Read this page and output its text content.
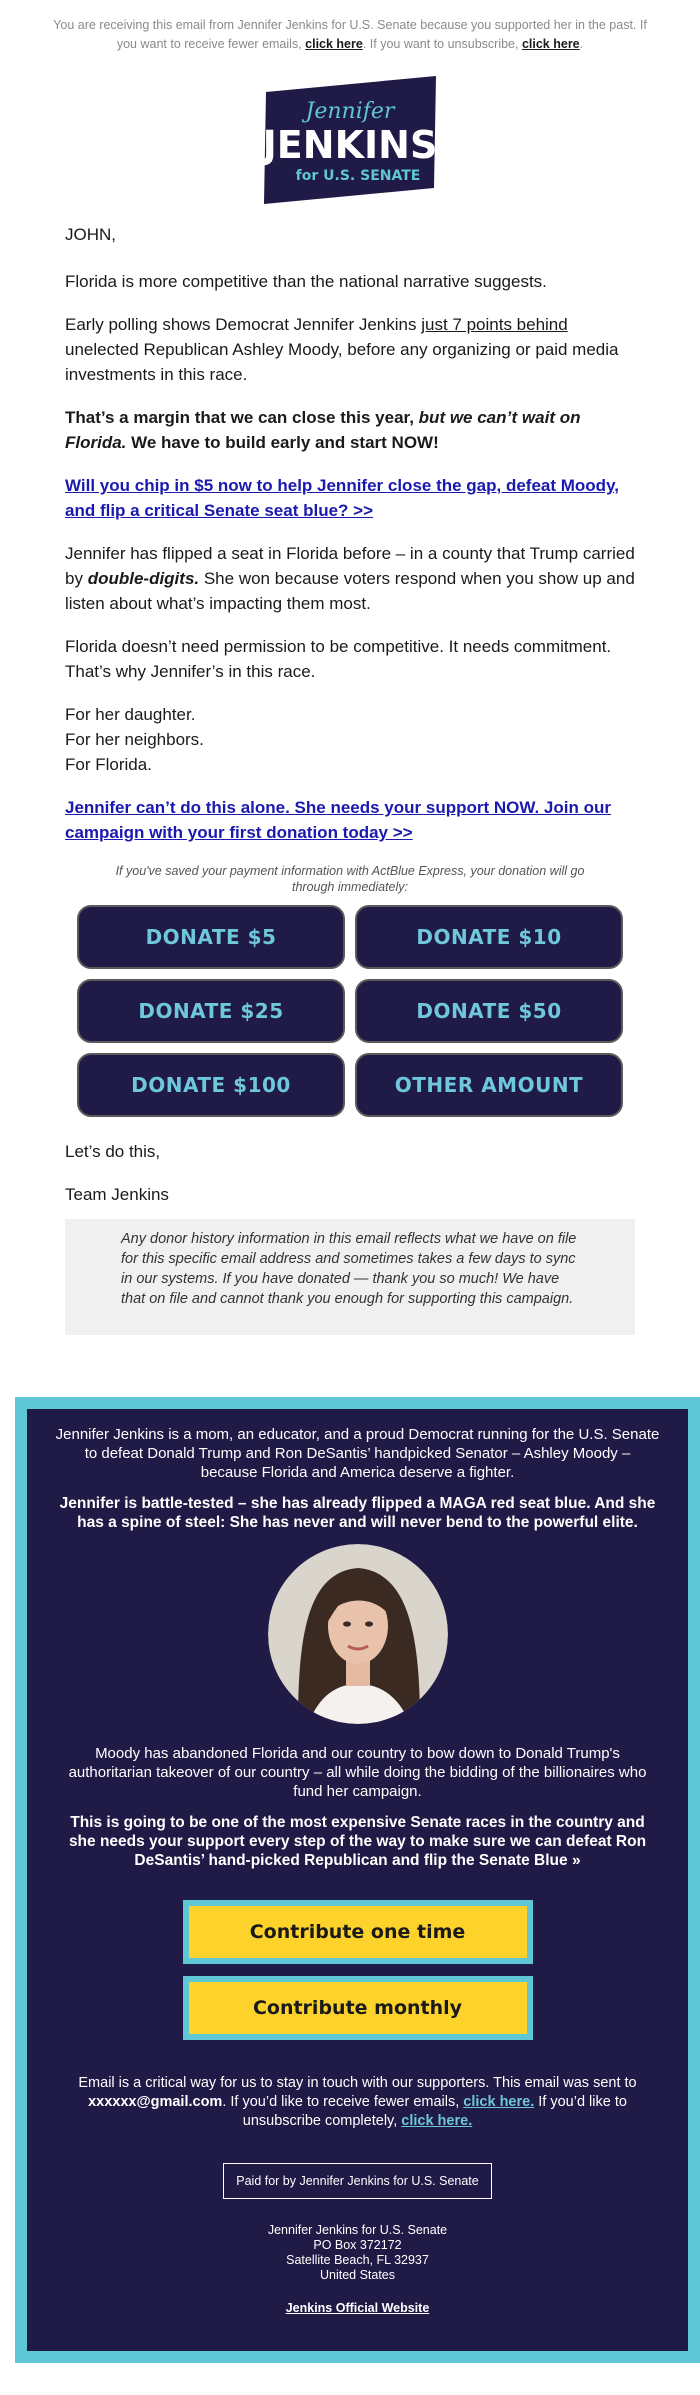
You are receiving this email from Jennifer Jenkins for U.S. Senate because you supported her in the past. If you want to receive fewer emails, click here. If you want to unsubscribe, click here.
Jennifer
JENKINS
for U.S. SENATE

JOHN,

Florida is more competitive than the national narrative suggests.

Early polling shows Democrat Jennifer Jenkins just 7 points behind unelected Republican Ashley Moody, before any organizing or paid media investments in this race.

That’s a margin that we can close this year, but we can’t wait on Florida. We have to build early and start NOW!

Will you chip in $5 now to help Jennifer close the gap, defeat Moody, and flip a critical Senate seat blue? >>

Jennifer has flipped a seat in Florida before – in a county that Trump carried by double-digits. She won because voters respond when you show up and listen about what’s impacting them most.

Florida doesn’t need permission to be competitive. It needs commitment. That’s why Jennifer’s in this race.

For her daughter.
For her neighbors.
For Florida.

Jennifer can’t do this alone. She needs your support NOW. Join our campaign with your first donation today >>

If you've saved your payment information with ActBlue Express, your donation will go through immediately:
DONATE $5	DONATE $10
DONATE $25	DONATE $50
DONATE $100	OTHER AMOUNT

Let’s do this,

Team Jenkins

Any donor history information in this email reflects what we have on file for this specific email address and sometimes takes a few days to sync in our systems. If you have donated — thank you so much! We have that on file and cannot thank you enough for supporting this campaign.

Jennifer Jenkins is a mom, an educator, and a proud Democrat running for the U.S. Senate to defeat Donald Trump and Ron DeSantis’ handpicked Senator – Ashley Moody – because Florida and America deserve a fighter.

Jennifer is battle-tested – she has already flipped a MAGA red seat blue. And she has a spine of steel: She has never and will never bend to the powerful elite.

Moody has abandoned Florida and our country to bow down to Donald Trump's authoritarian takeover of our country – all while doing the bidding of the billionaires who fund her campaign.

This is going to be one of the most expensive Senate races in the country and she needs your support every step of the way to make sure we can defeat Ron DeSantis’ hand-picked Republican and flip the Senate Blue »

Contribute one time
Contribute monthly

Email is a critical way for us to stay in touch with our supporters. This email was sent to xxxxxx@gmail.com. If you’d like to receive fewer emails, click here. If you’d like to unsubscribe completely, click here.

Paid for by Jennifer Jenkins for U.S. Senate
Jennifer Jenkins for U.S. Senate
PO Box 372172
Satellite Beach, FL 32937
United States
Jenkins Official Website
